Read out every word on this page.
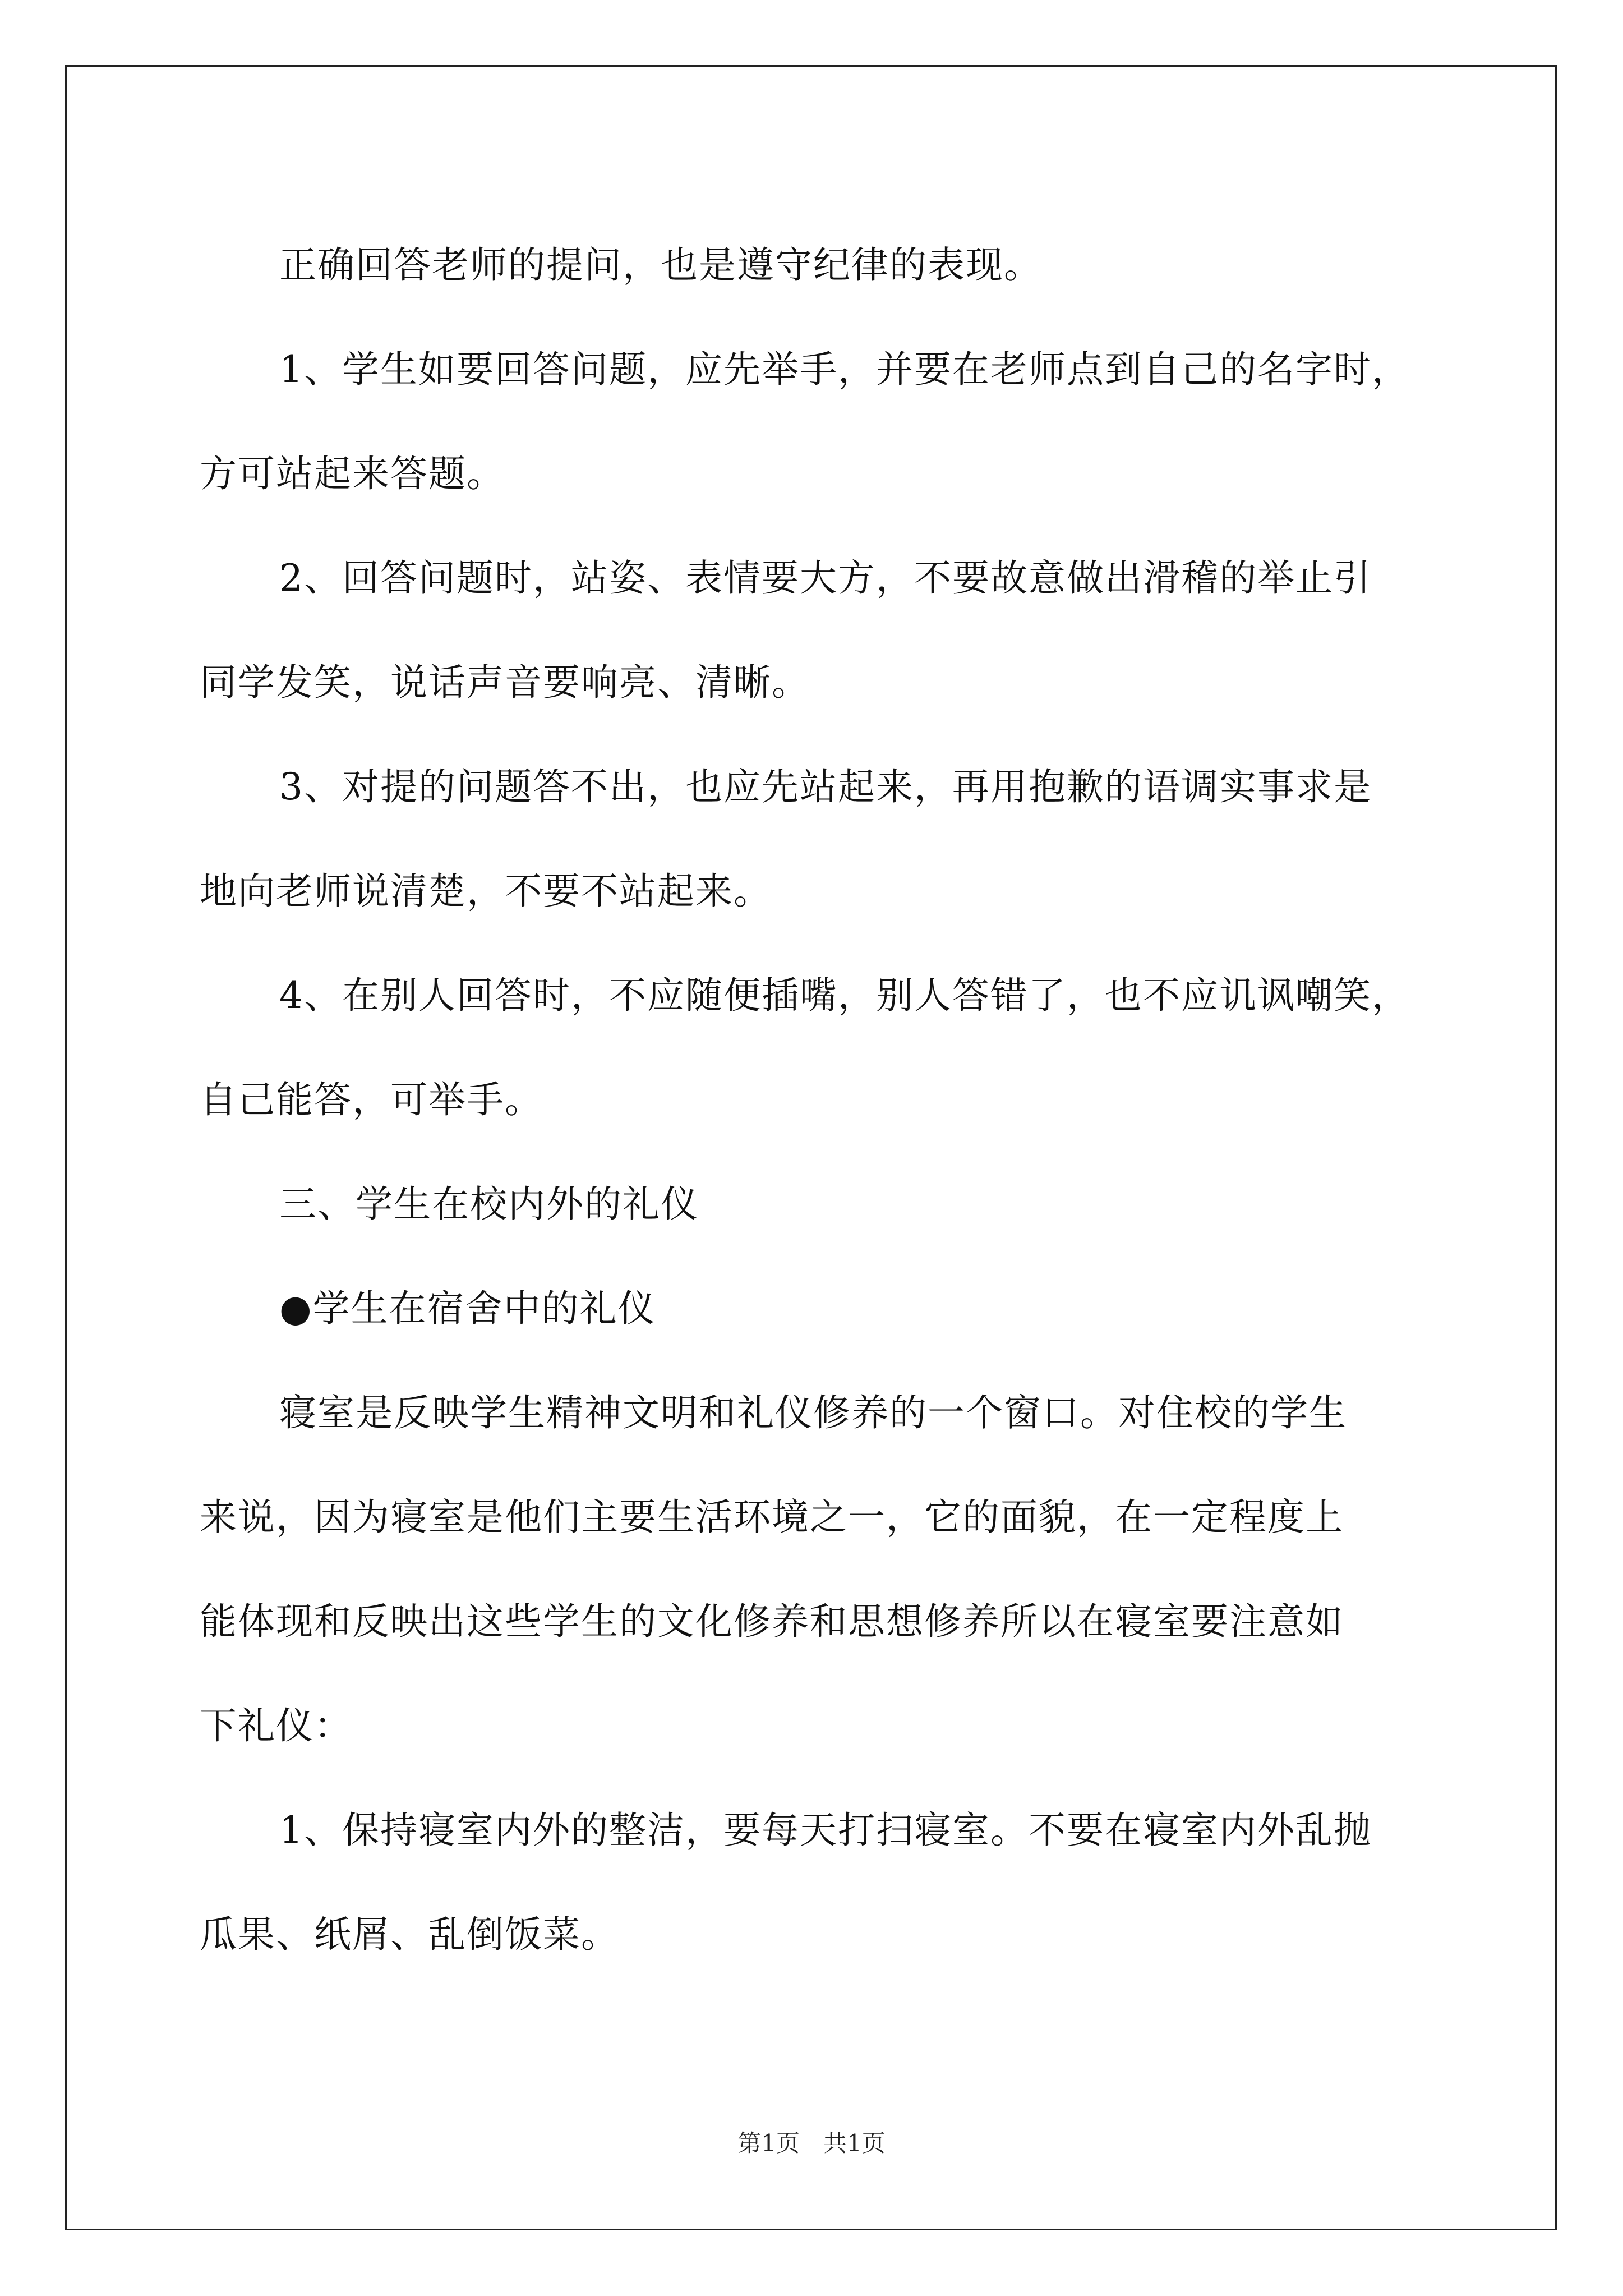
正确回答老师的提问，也是遵守纪律的表现。

1、学生如要回答问题，应先举手，并要在老师点到自己的名字时，
方可站起来答题。

2、回答问题时，站姿、表情要大方，不要故意做出滑稽的举止引
同学发笑，说话声音要响亮、清晰。

3、对提的问题答不出，也应先站起来，再用抱歉的语调实事求是
地向老师说清楚，不要不站起来。

4、在别人回答时，不应随便插嘴，别人答错了，也不应讥讽嘲笑，
自己能答，可举手。

三、学生在校内外的礼仪

●学生在宿舍中的礼仪

寝室是反映学生精神文明和礼仪修养的一个窗口。对住校的学生
来说，因为寝室是他们主要生活环境之一，它的面貌，在一定程度上
能体现和反映出这些学生的文化修养和思想修养所以在寝室要注意如
下礼仪：

1、保持寝室内外的整洁，要每天打扫寝室。不要在寝室内外乱抛
瓜果、纸屑、乱倒饭菜。

第1页　共1页
